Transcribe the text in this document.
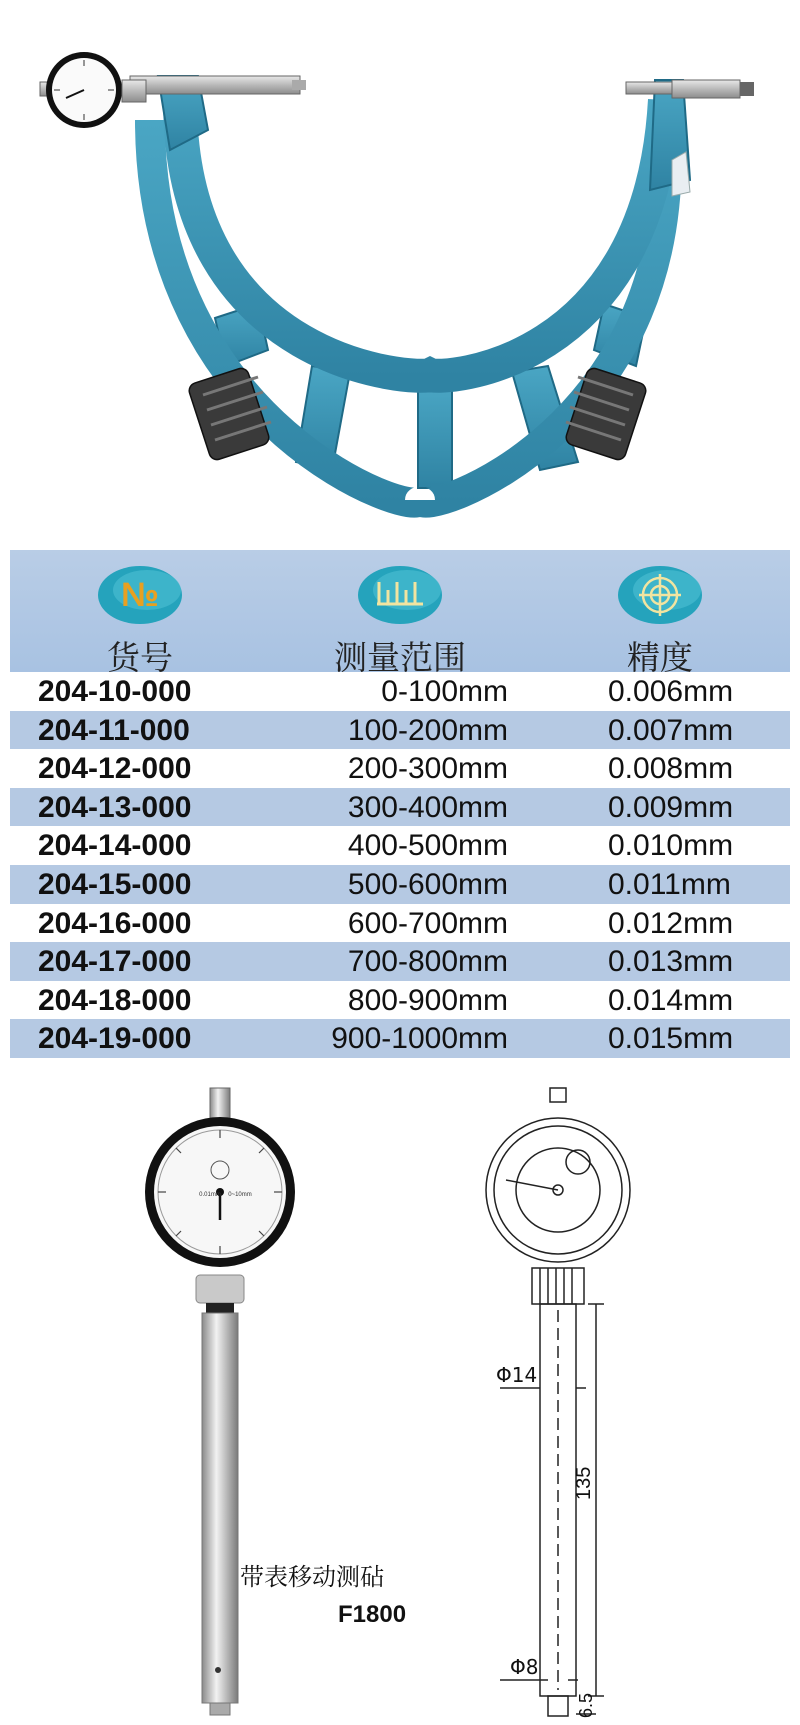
№
货号	测量范围	精度
204-10-000	0-100mm	0.006mm
204-11-000	100-200mm	0.007mm
204-12-000	200-300mm	0.008mm
204-13-000	300-400mm	0.009mm
204-14-000	400-500mm	0.010mm
204-15-000	500-600mm	0.011mm
204-16-000	600-700mm	0.012mm
204-17-000	700-800mm	0.013mm
204-18-000	800-900mm	0.014mm
204-19-000	900-1000mm	0.015mm
0.01mm 0~10mm
带表移动测砧
F1800
Φ14
135
Φ8
6.5
